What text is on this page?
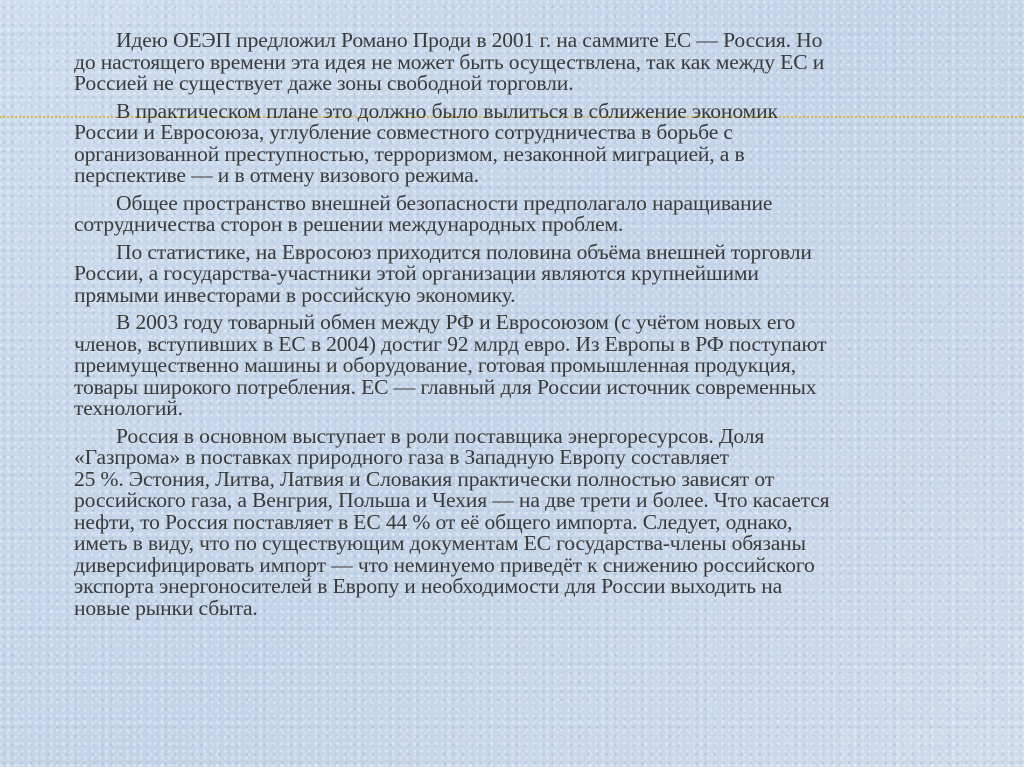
Идею ОЕЭП предложил Романо Проди в 2001 г. на саммите ЕС — Россия. Но
до настоящего времени эта идея не может быть осуществлена, так как между ЕС и
Россией не существует даже зоны свободной торговли.

В практическом плане это должно было вылиться в сближение экономик
России и Евросоюза, углубление совместного сотрудничества в борьбе с
организованной преступностью, терроризмом, незаконной миграцией, а в
перспективе — и в отмену визового режима.

Общее пространство внешней безопасности предполагало наращивание
сотрудничества сторон в решении международных проблем.

По статистике, на Евросоюз приходится половина объёма внешней торговли
России, а государства-участники этой организации являются крупнейшими
прямыми инвесторами в российскую экономику.

В 2003 году товарный обмен между РФ и Евросоюзом (с учётом новых его
членов, вступивших в ЕС в 2004) достиг 92 млрд евро. Из Европы в РФ поступают
преимущественно машины и оборудование, готовая промышленная продукция,
товары широкого потребления. ЕС — главный для России источник современных
технологий.

Россия в основном выступает в роли поставщика энергоресурсов. Доля
«Газпрома» в поставках природного газа в Западную Европу составляет
25 %. Эстония, Литва, Латвия и Словакия практически полностью зависят от
российского газа, а Венгрия, Польша и Чехия — на две трети и более. Что касается
нефти, то Россия поставляет в ЕС 44 % от её общего импорта. Следует, однако,
иметь в виду, что по существующим документам ЕС государства-члены обязаны
диверсифицировать импорт — что неминуемо приведёт к снижению российского
экспорта энергоносителей в Европу и необходимости для России выходить на
новые рынки сбыта.
